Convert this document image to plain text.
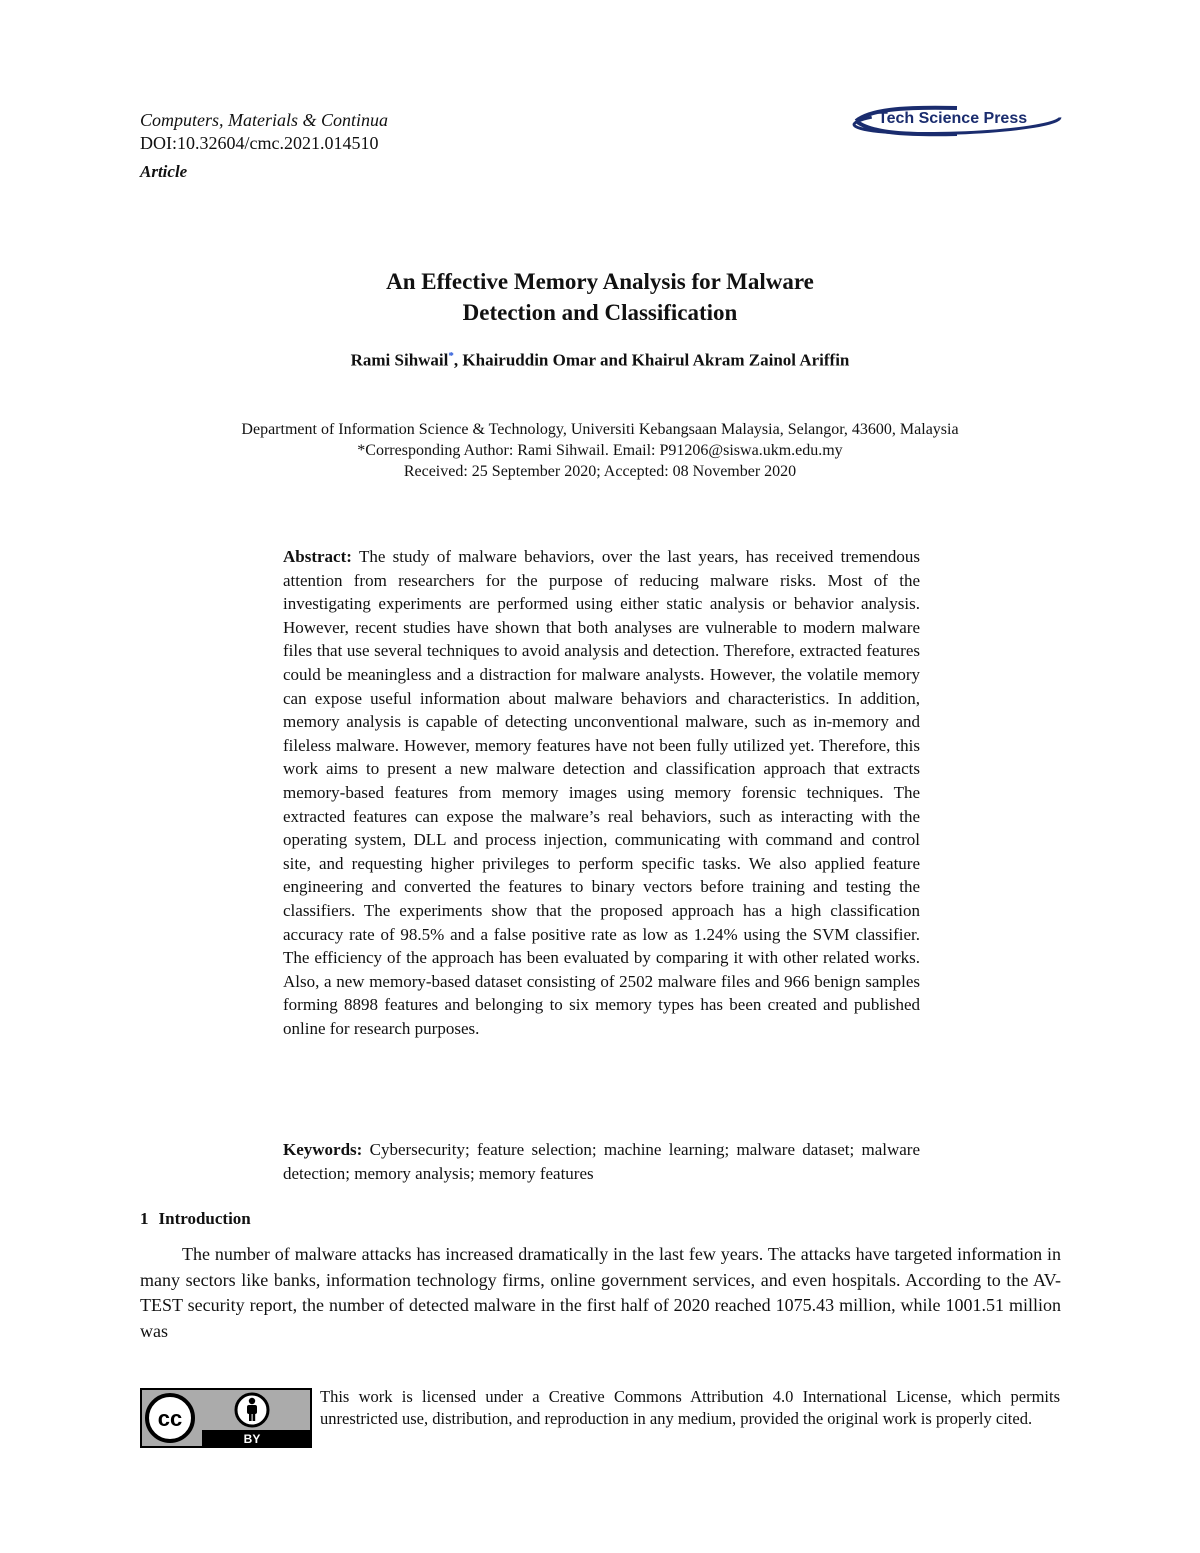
Computers, Materials & Continua
DOI:10.32604/cmc.2021.014510
Article
Tech Science Press
An Effective Memory Analysis for Malware
Detection and Classification
Rami Sihwail*, Khairuddin Omar and Khairul Akram Zainol Ariffin
Department of Information Science & Technology, Universiti Kebangsaan Malaysia, Selangor, 43600, Malaysia
*Corresponding Author: Rami Sihwail. Email: P91206@siswa.ukm.edu.my
Received: 25 September 2020; Accepted: 08 November 2020
Abstract: The study of malware behaviors, over the last years, has received tremendous attention from researchers for the purpose of reducing malware risks. Most of the investigating experiments are performed using either static analysis or behavior analysis. However, recent studies have shown that both analyses are vulnerable to modern malware files that use several techniques to avoid analysis and detection. Therefore, extracted features could be meaningless and a distraction for malware analysts. However, the volatile memory can expose useful information about malware behaviors and characteristics. In addition, memory analysis is capable of detecting unconventional malware, such as in-memory and fileless malware. However, memory features have not been fully utilized yet. Therefore, this work aims to present a new malware detection and classification approach that extracts memory-based features from memory images using memory forensic techniques. The extracted features can expose the malware’s real behaviors, such as interacting with the operating system, DLL and process injection, communicating with command and control site, and requesting higher privileges to perform specific tasks. We also applied feature engineering and converted the features to binary vectors before training and testing the classifiers. The experiments show that the proposed approach has a high classification accuracy rate of 98.5% and a false positive rate as low as 1.24% using the SVM classifier. The efficiency of the approach has been evaluated by comparing it with other related works. Also, a new memory-based dataset consisting of 2502 malware files and 966 benign samples forming 8898 features and belonging to six memory types has been created and published online for research purposes.
Keywords: Cybersecurity; feature selection; machine learning; malware dataset; malware detection; memory analysis; memory features
1 Introduction
The number of malware attacks has increased dramatically in the last few years. The attacks have targeted information in many sectors like banks, information technology firms, online government services, and even hospitals. According to the AV-TEST security report, the number of detected malware in the first half of 2020 reached 1075.43 million, while 1001.51 million was
cc
BY
This work is licensed under a Creative Commons Attribution 4.0 International License, which permits unrestricted use, distribution, and reproduction in any medium, provided the original work is properly cited.
